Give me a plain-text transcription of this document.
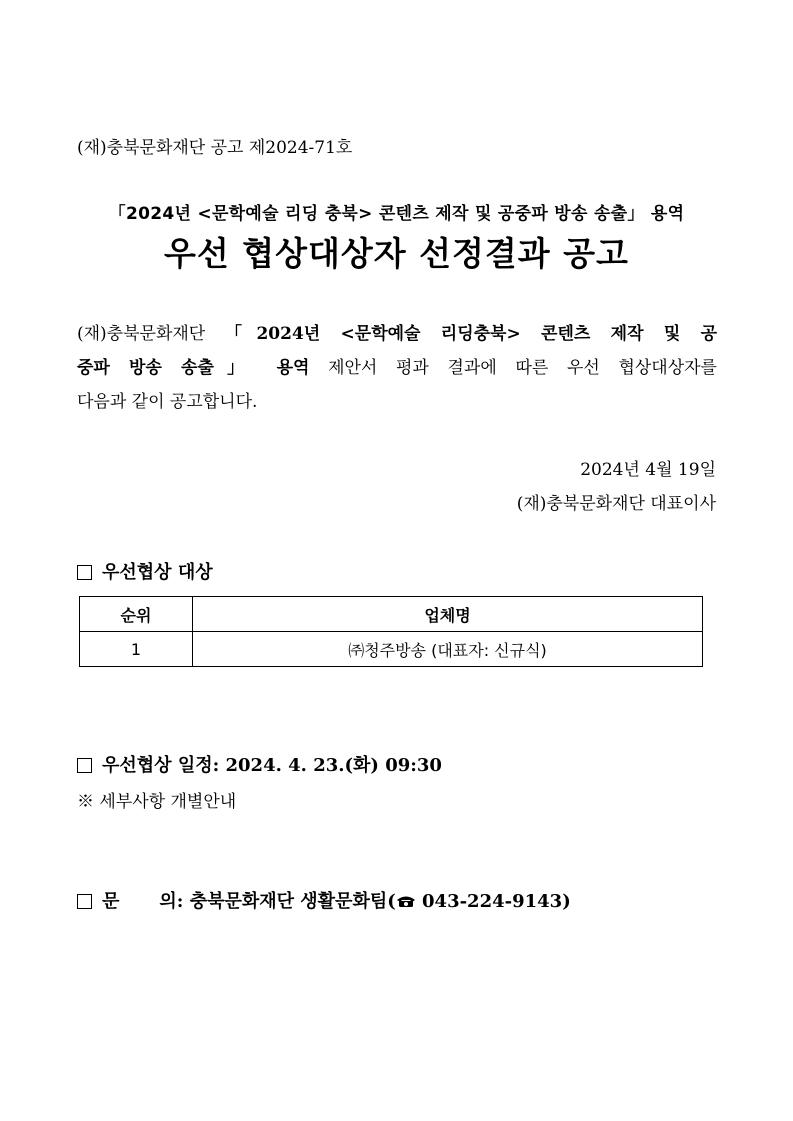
(재)충북문화재단 공고 제2024-71호
「2024년 <문학예술 리딩 충북> 콘텐츠 제작 및 공중파 방송 송출」 용역
우선 협상대상자 선정결과 공고
(재)충북문화재단 「2024년 <문학예술 리딩충북> 콘텐츠 제작 및 공
중파 방송 송출」 용역 제안서 평과 결과에 따른 우선 협상대상자를
다음과 같이 공고합니다.
2024년 4월 19일
(재)충북문화재단 대표이사
우선협상 대상
순위	업체명
1	㈜청주방송 (대표자: 신규식)
우선협상 일정: 2024. 4. 23.(화) 09:30
※ 세부사항 개별안내
문 의: 충북문화재단 생활문화팀( 043-224-9143)
